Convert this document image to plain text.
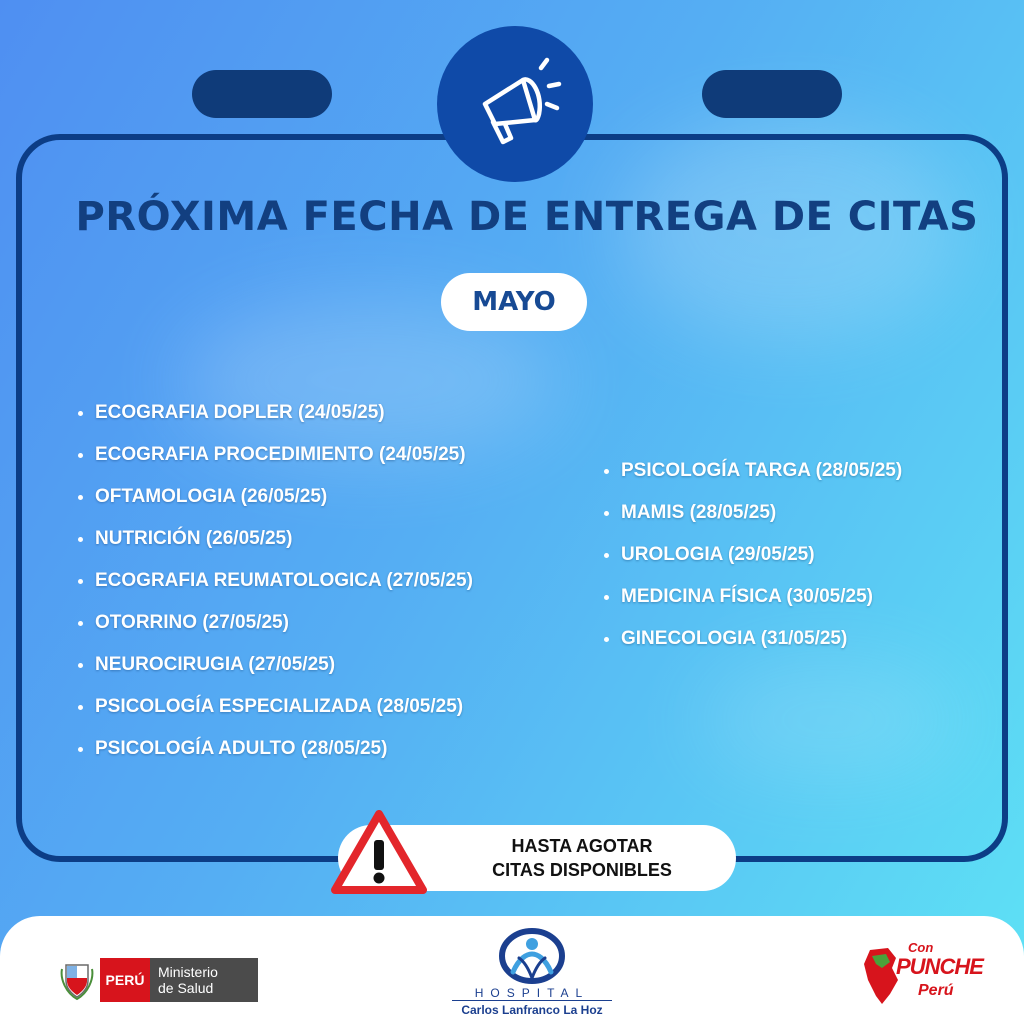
PRÓXIMA FECHA DE ENTREGA DE CITAS
MAYO
ECOGRAFIA DOPLER (24/05/25)
ECOGRAFIA PROCEDIMIENTO (24/05/25)
OFTAMOLOGIA (26/05/25)
NUTRICIÓN (26/05/25)
ECOGRAFIA REUMATOLOGICA (27/05/25)
OTORRINO (27/05/25)
NEUROCIRUGIA (27/05/25)
PSICOLOGÍA ESPECIALIZADA (28/05/25)
PSICOLOGÍA ADULTO (28/05/25)
PSICOLOGÍA TARGA (28/05/25)
MAMIS (28/05/25)
UROLOGIA (29/05/25)
MEDICINA FÍSICA (30/05/25)
GINECOLOGIA (31/05/25)
HASTA AGOTAR
CITAS DISPONIBLES
PERÚ Ministerio
de Salud	HOSPITAL
Carlos Lanfranco La Hoz
Con
PUNCHE
Perú
